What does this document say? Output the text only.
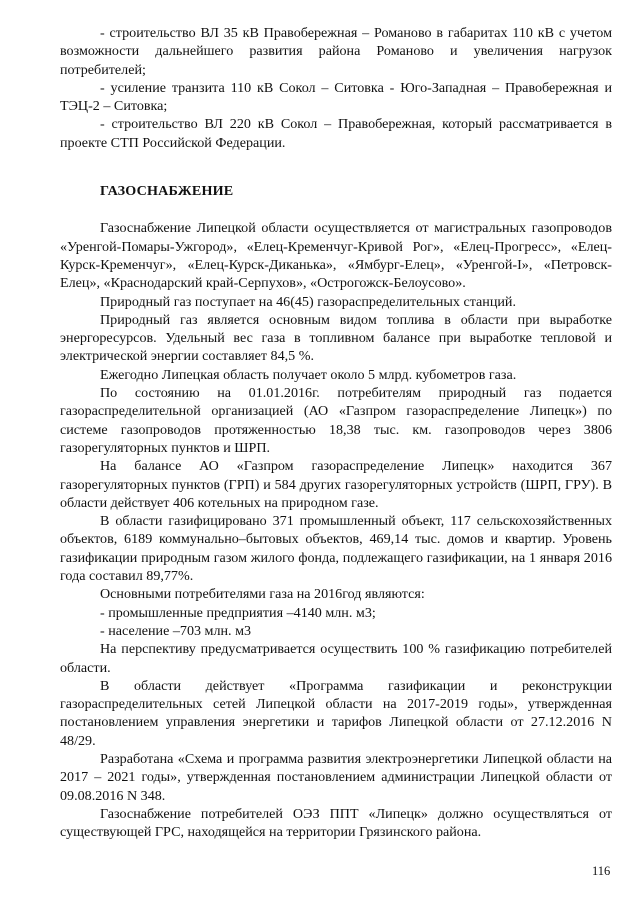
- строительство ВЛ 35 кВ Правобережная – Романово в габаритах 110 кВ с учетом возможности дальнейшего развития района Романово и увеличения нагрузок потребителей;

- усиление транзита 110 кВ Сокол – Ситовка - Юго-Западная – Правобережная и ТЭЦ-2 – Ситовка;

- строительство ВЛ 220 кВ Сокол – Правобережная, который рассматривается в проекте СТП Российской Федерации.

ГАЗОСНАБЖЕНИЕ

Газоснабжение Липецкой области осуществляется от магистральных газопроводов «Уренгой-Помары-Ужгород», «Елец-Кременчуг-Кривой Рог», «Елец-Прогресс», «Елец-Курск-Кременчуг», «Елец-Курск-Диканька», «Ямбург-Елец», «Уренгой-I», «Петровск-Елец», «Краснодарский край-Серпухов», «Острогожск-Белоусово».

Природный газ поступает на 46(45) газораспределительных станций.

Природный газ является основным видом топлива в области при выработке энергоресурсов. Удельный вес газа в топливном балансе при выработке тепловой и электрической энергии составляет 84,5 %.

Ежегодно Липецкая область получает около 5 млрд. кубометров газа.

По состоянию на 01.01.2016г. потребителям природный газ подается газораспределительной организацией (АО «Газпром газораспределение Липецк») по системе газопроводов протяженностью 18,38 тыс. км. газопроводов через 3806 газорегуляторных пунктов и ШРП.

На балансе АО «Газпром газораспределение Липецк» находится 367 газорегуляторных пунктов (ГРП) и 584 других газорегуляторных устройств (ШРП, ГРУ). В области действует 406 котельных на природном газе.

В области газифицировано 371 промышленный объект, 117 сельскохозяйственных объектов, 6189 коммунально–бытовых объектов, 469,14 тыс. домов и квартир. Уровень газификации природным газом жилого фонда, подлежащего газификации, на 1 января 2016 года составил 89,77%.

Основными потребителями газа на 2016год являются:

- промышленные предприятия –4140 млн. м3;

- население –703 млн. м3

На перспективу предусматривается осуществить 100 % газификацию потребителей области.

В области действует «Программа газификации и реконструкции газораспределительных сетей Липецкой области на 2017-2019 годы», утвержденная постановлением управления энергетики и тарифов Липецкой области от 27.12.2016 N 48/29.

Разработана «Схема и программа развития электроэнергетики Липецкой области на 2017 – 2021 годы», утвержденная постановлением администрации Липецкой области от 09.08.2016 N 348.

Газоснабжение потребителей ОЭЗ ППТ «Липецк» должно осуществляться от существующей ГРС, находящейся на территории Грязинского района.

116
